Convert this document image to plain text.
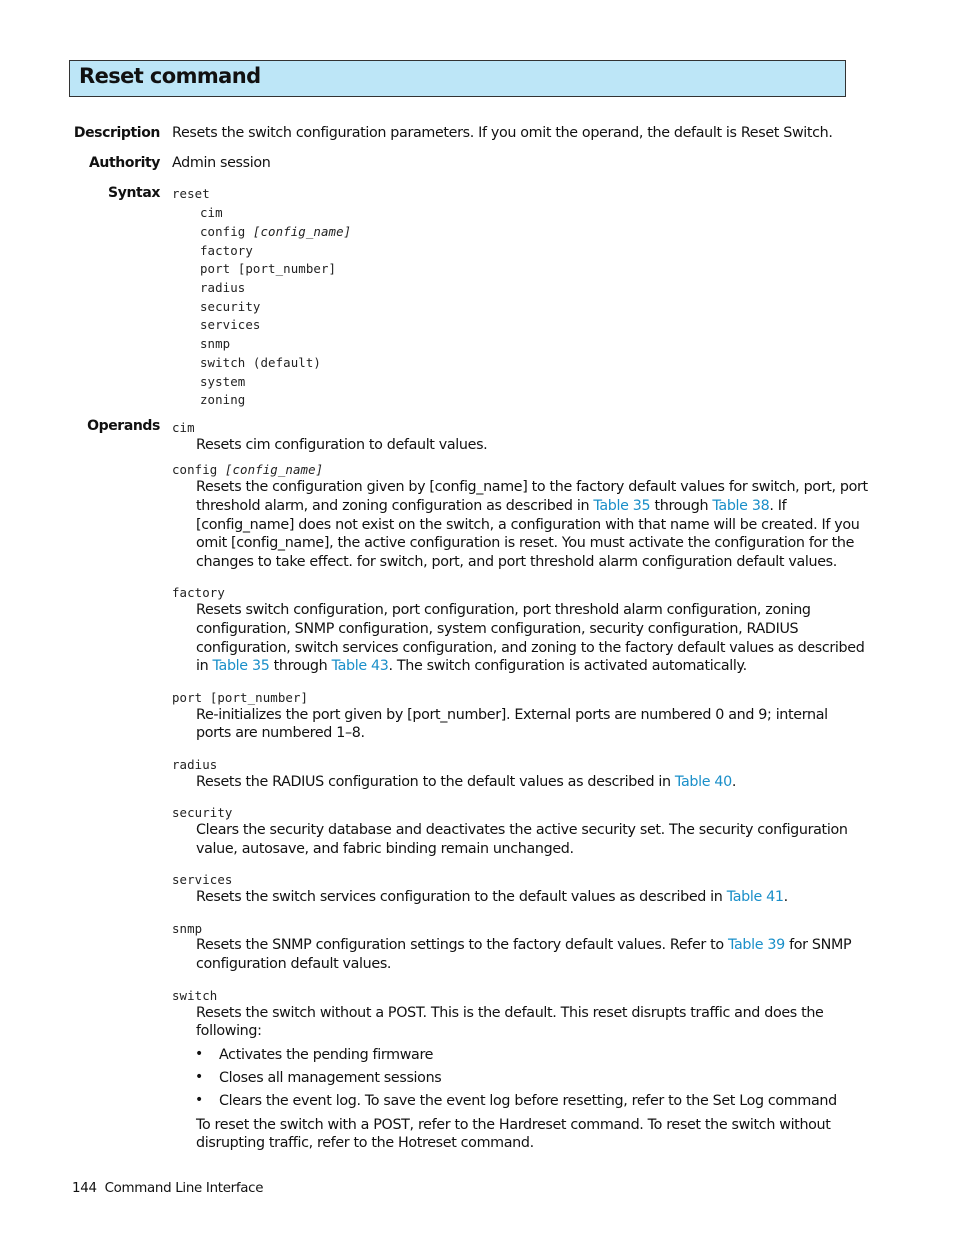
Reset command
Description Resets the switch configuration parameters. If you omit the operand, the default is Reset Switch.
Authority Admin session
Syntax reset
cim
config [config_name]
factory
port [port_number]
radius
security
services
snmp
switch (default)
system
zoning
Operands cim
Resets cim configuration to default values.
config [config_name]
Resets the configuration given by [config_name] to the factory default values for switch, port, port
threshold alarm, and zoning configuration as described in Table 35 through Table 38. If
[config_name] does not exist on the switch, a configuration with that name will be created. If you
omit [config_name], the active configuration is reset. You must activate the configuration for the
changes to take effect. for switch, port, and port threshold alarm configuration default values.
factory
Resets switch configuration, port configuration, port threshold alarm configuration, zoning
configuration, SNMP configuration, system configuration, security configuration, RADIUS
configuration, switch services configuration, and zoning to the factory default values as described
in Table 35 through Table 43. The switch configuration is activated automatically.
port [port_number]
Re-initializes the port given by [port_number]. External ports are numbered 0 and 9; internal
ports are numbered 1–8.
radius
Resets the RADIUS configuration to the default values as described in Table 40.
security
Clears the security database and deactivates the active security set. The security configuration
value, autosave, and fabric binding remain unchanged.
services
Resets the switch services configuration to the default values as described in Table 41.
snmp
Resets the SNMP configuration settings to the factory default values. Refer to Table 39 for SNMP
configuration default values.
switch
Resets the switch without a POST. This is the default. This reset disrupts traffic and does the
following:
• Activates the pending firmware
• Closes all management sessions
• Clears the event log. To save the event log before resetting, refer to the Set Log command
To reset the switch with a POST, refer to the Hardreset command. To reset the switch without
disrupting traffic, refer to the Hotreset command.
144 Command Line Interface
